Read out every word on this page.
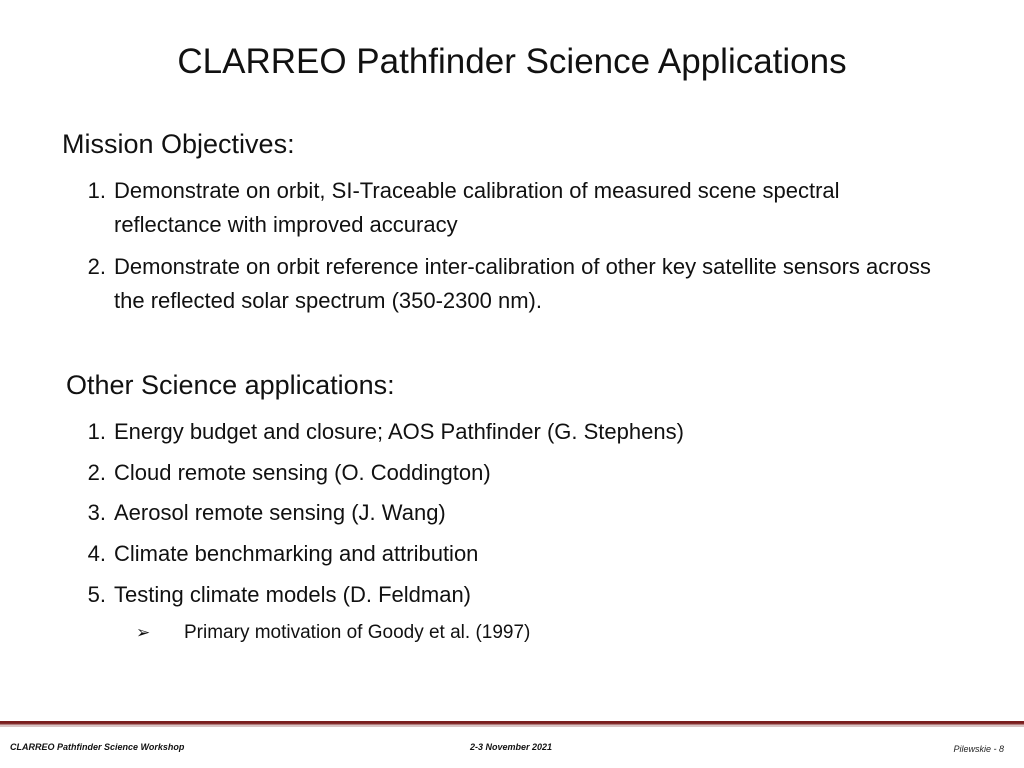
CLARREO Pathfinder Science Applications
Mission Objectives:
1. Demonstrate on orbit, SI-Traceable calibration of measured scene spectral reflectance with improved accuracy
2. Demonstrate on orbit reference inter-calibration of other key satellite sensors across the reflected solar spectrum (350-2300 nm).
Other Science applications:
1. Energy budget and closure; AOS Pathfinder (G. Stephens)
2. Cloud remote sensing (O. Coddington)
3. Aerosol remote sensing (J. Wang)
4. Climate benchmarking and attribution
5. Testing climate models (D. Feldman)
➢ Primary motivation of Goody et al. (1997)
CLARREO Pathfinder Science Workshop	2-3 November 2021	Pilewskie - 8
